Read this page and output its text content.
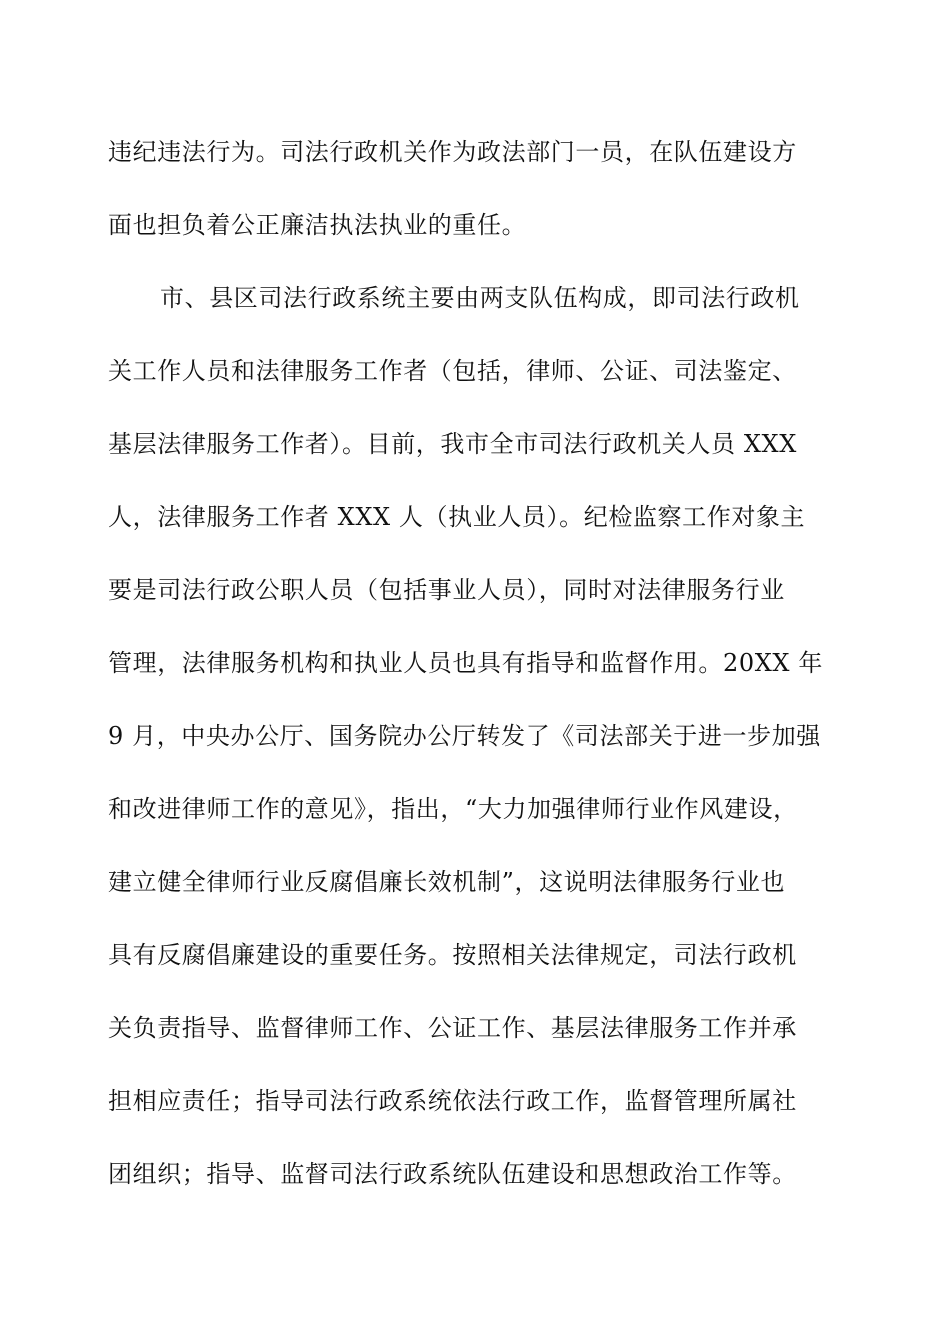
违纪违法行为。司法行政机关作为政法部门一员，在队伍建设方
面也担负着公正廉洁执法执业的重任。
市、县区司法行政系统主要由两支队伍构成，即司法行政机
关工作人员和法律服务工作者（包括，律师、公证、司法鉴定、
基层法律服务工作者）。目前，我市全市司法行政机关人员 XXX
人，法律服务工作者 XXX 人（执业人员）。纪检监察工作对象主
要是司法行政公职人员（包括事业人员），同时对法律服务行业
管理，法律服务机构和执业人员也具有指导和监督作用。20XX 年
9 月，中央办公厅、国务院办公厅转发了《司法部关于进一步加强
和改进律师工作的意见》，指出，“大力加强律师行业作风建设，
建立健全律师行业反腐倡廉长效机制”，这说明法律服务行业也
具有反腐倡廉建设的重要任务。按照相关法律规定，司法行政机
关负责指导、监督律师工作、公证工作、基层法律服务工作并承
担相应责任；指导司法行政系统依法行政工作，监督管理所属社
团组织；指导、监督司法行政系统队伍建设和思想政治工作等。
